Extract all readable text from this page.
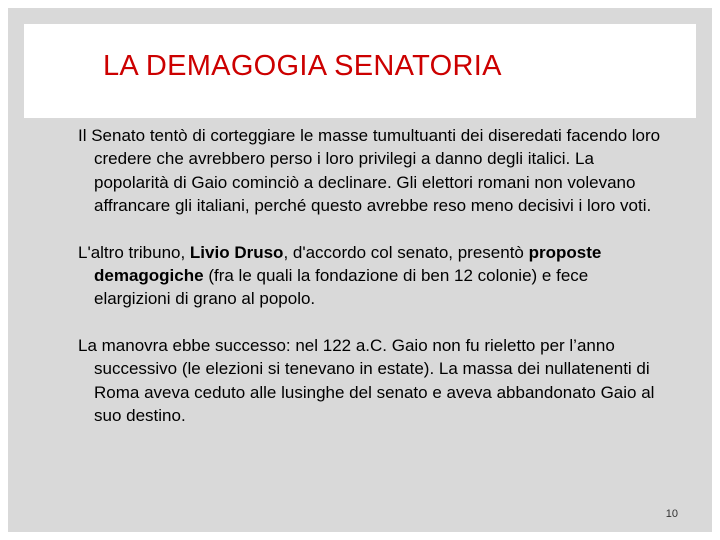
LA DEMAGOGIA SENATORIA

Il Senato tentò di corteggiare le masse tumultuanti dei diseredati facendo loro credere che avrebbero perso i loro privilegi a danno degli italici. La popolarità di Gaio cominciò a declinare. Gli elettori romani non volevano affrancare gli italiani, perché questo avrebbe reso meno decisivi i loro voti.

L'altro tribuno, Livio Druso, d'accordo col senato, presentò proposte demagogiche (fra le quali la fondazione di ben 12 colonie) e fece elargizioni di grano al popolo.

La manovra ebbe successo: nel 122 a.C. Gaio non fu rieletto per l’anno successivo (le elezioni si tenevano in estate). La massa dei nullatenenti di Roma aveva ceduto alle lusinghe del senato e aveva abbandonato Gaio al suo destino.

10
